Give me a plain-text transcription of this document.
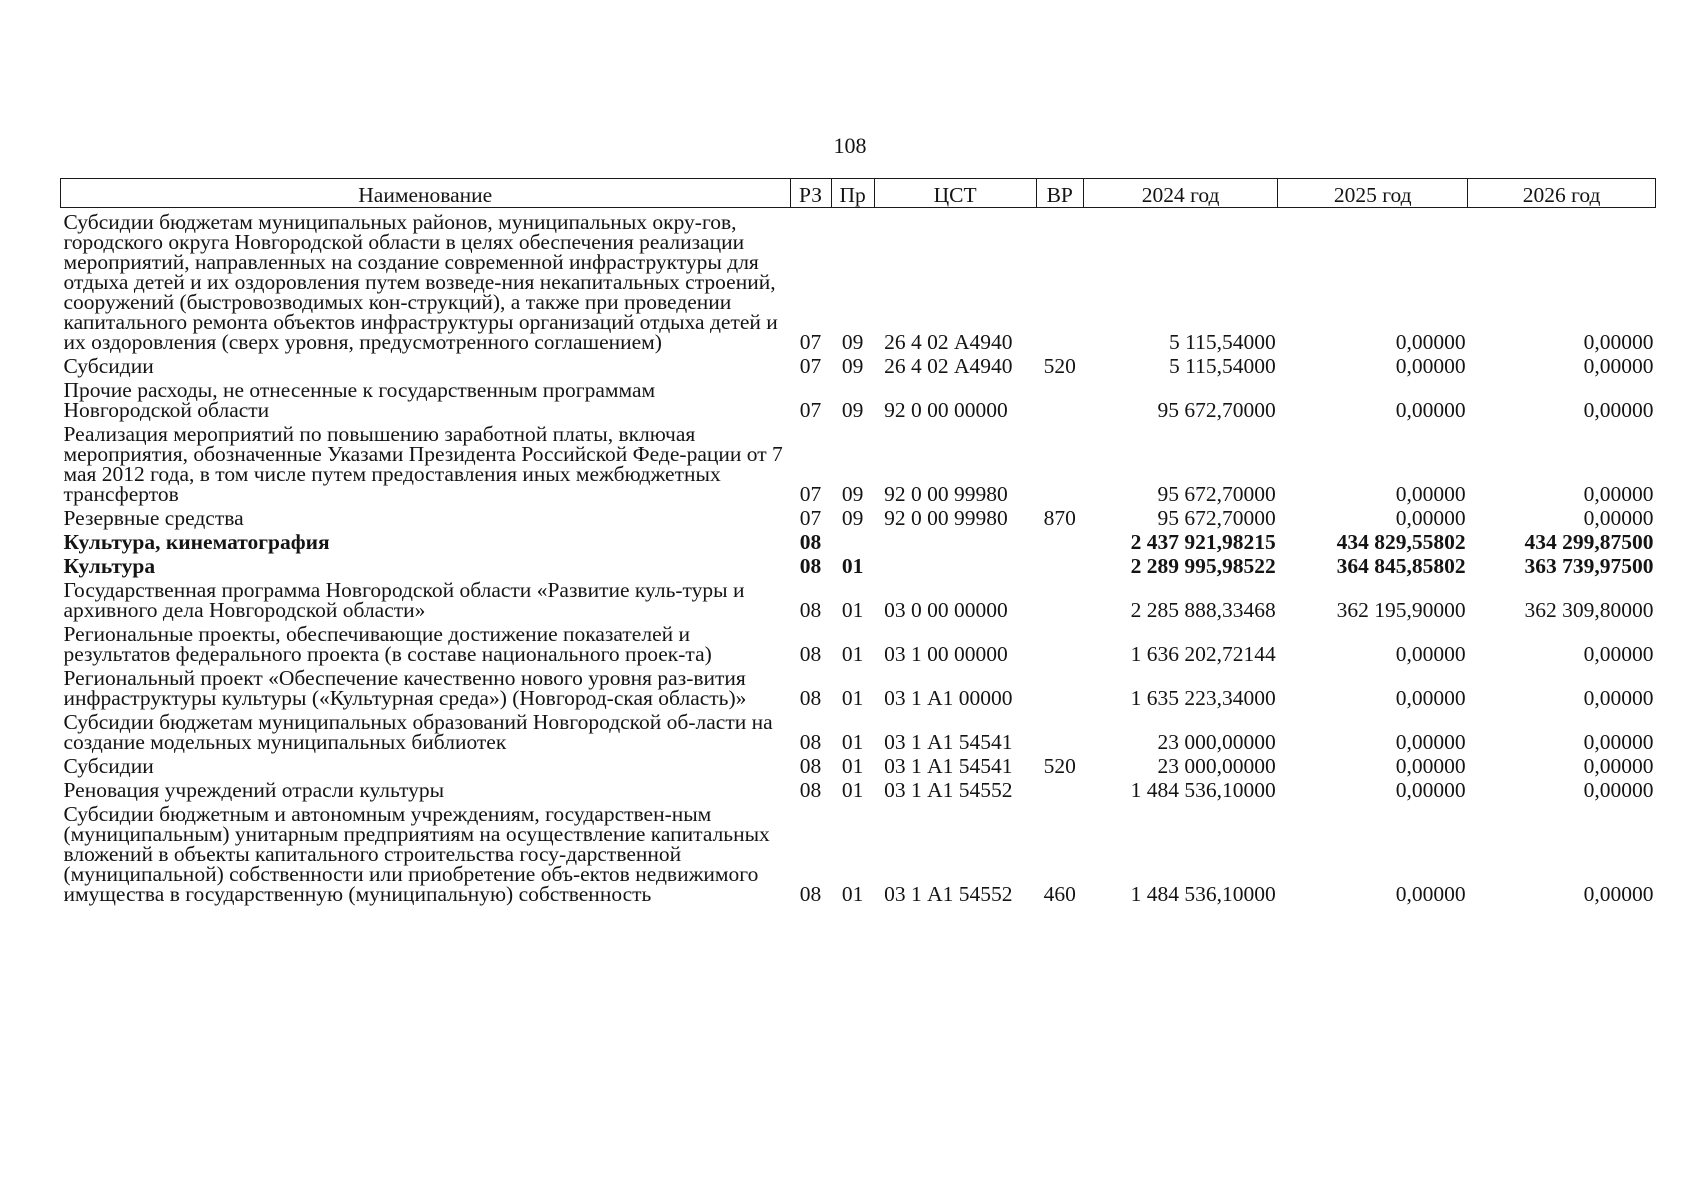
108
Наименование	РЗ	Пр	ЦСТ	ВР	2024 год	2025 год	2026 год
Субсидии бюджетам муниципальных районов, муниципальных окру-гов, городского округа Новгородской области в целях обеспечения реализации мероприятий, направленных на создание современной инфраструктуры для отдыха детей и их оздоровления путем возведе-ния некапитальных строений, сооружений (быстровозводимых кон-струкций), а также при проведении капитального ремонта объектов инфраструктуры организаций отдыха детей и их оздоровления (сверх уровня, предусмотренного соглашением)	07	09	26 4 02 А4940		5 115,54000	0,00000	0,00000
Субсидии	07	09	26 4 02 А4940	520	5 115,54000	0,00000	0,00000
Прочие расходы, не отнесенные к государственным программам Новгородской области	07	09	92 0 00 00000		95 672,70000	0,00000	0,00000
Реализация мероприятий по повышению заработной платы, включая мероприятия, обозначенные Указами Президента Российской Феде-рации от 7 мая 2012 года, в том числе путем предоставления иных межбюджетных трансфертов	07	09	92 0 00 99980		95 672,70000	0,00000	0,00000
Резервные средства	07	09	92 0 00 99980	870	95 672,70000	0,00000	0,00000
Культура, кинематография	08				2 437 921,98215	434 829,55802	434 299,87500
Культура	08	01			2 289 995,98522	364 845,85802	363 739,97500
Государственная программа Новгородской области «Развитие куль-туры и архивного дела Новгородской области»	08	01	03 0 00 00000		2 285 888,33468	362 195,90000	362 309,80000
Региональные проекты, обеспечивающие достижение показателей и результатов федерального проекта (в составе национального проек-та)	08	01	03 1 00 00000		1 636 202,72144	0,00000	0,00000
Региональный проект «Обеспечение качественно нового уровня раз-вития инфраструктуры культуры («Культурная среда») (Новгород-ская область)»	08	01	03 1 А1 00000		1 635 223,34000	0,00000	0,00000
Субсидии бюджетам муниципальных образований Новгородской об-ласти на создание модельных муниципальных библиотек	08	01	03 1 А1 54541		23 000,00000	0,00000	0,00000
Субсидии	08	01	03 1 А1 54541	520	23 000,00000	0,00000	0,00000
Реновация учреждений отрасли культуры	08	01	03 1 А1 54552		1 484 536,10000	0,00000	0,00000
Субсидии бюджетным и автономным учреждениям, государствен-ным (муниципальным) унитарным предприятиям на осуществление капитальных вложений в объекты капитального строительства госу-дарственной (муниципальной) собственности или приобретение объ-ектов недвижимого имущества в государственную (муниципальную) собственность	08	01	03 1 А1 54552	460	1 484 536,10000	0,00000	0,00000
